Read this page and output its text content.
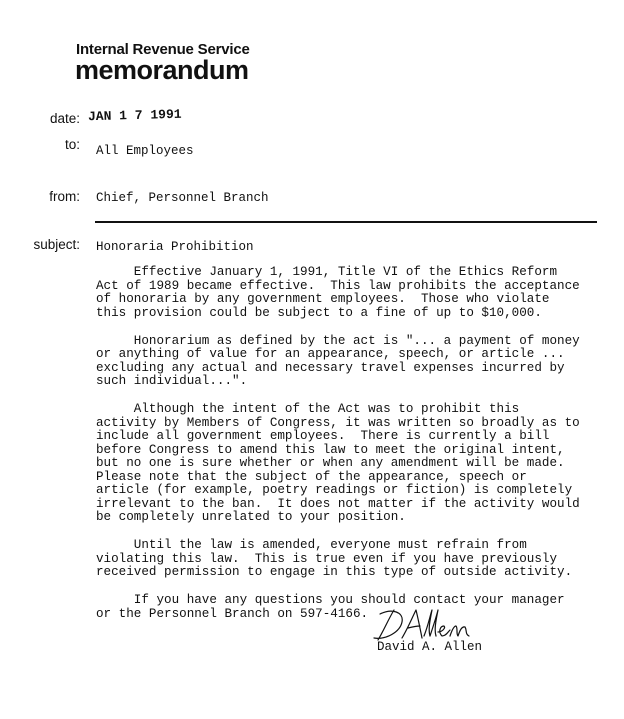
Internal Revenue Service
memorandum
date: JAN 1 7 1991
to: All Employees
from: Chief, Personnel Branch
subject: Honoraria Prohibition

Effective January 1, 1991, Title VI of the Ethics Reform
Act of 1989 became effective.  This law prohibits the acceptance
of honoraria by any government employees.  Those who violate
this provision could be subject to a fine of up to $10,000.

Honorarium as defined by the act is "... a payment of money
or anything of value for an appearance, speech, or article ...
excluding any actual and necessary travel expenses incurred by
such individual...".

Although the intent of the Act was to prohibit this
activity by Members of Congress, it was written so broadly as to
include all government employees.  There is currently a bill
before Congress to amend this law to meet the original intent,
but no one is sure whether or when any amendment will be made.
Please note that the subject of the appearance, speech or
article (for example, poetry readings or fiction) is completely
irrelevant to the ban.  It does not matter if the activity would
be completely unrelated to your position.

Until the law is amended, everyone must refrain from
violating this law.  This is true even if you have previously
received permission to engage in this type of outside activity.

If you have any questions you should contact your manager
or the Personnel Branch on 597-4166.

David A. Allen
